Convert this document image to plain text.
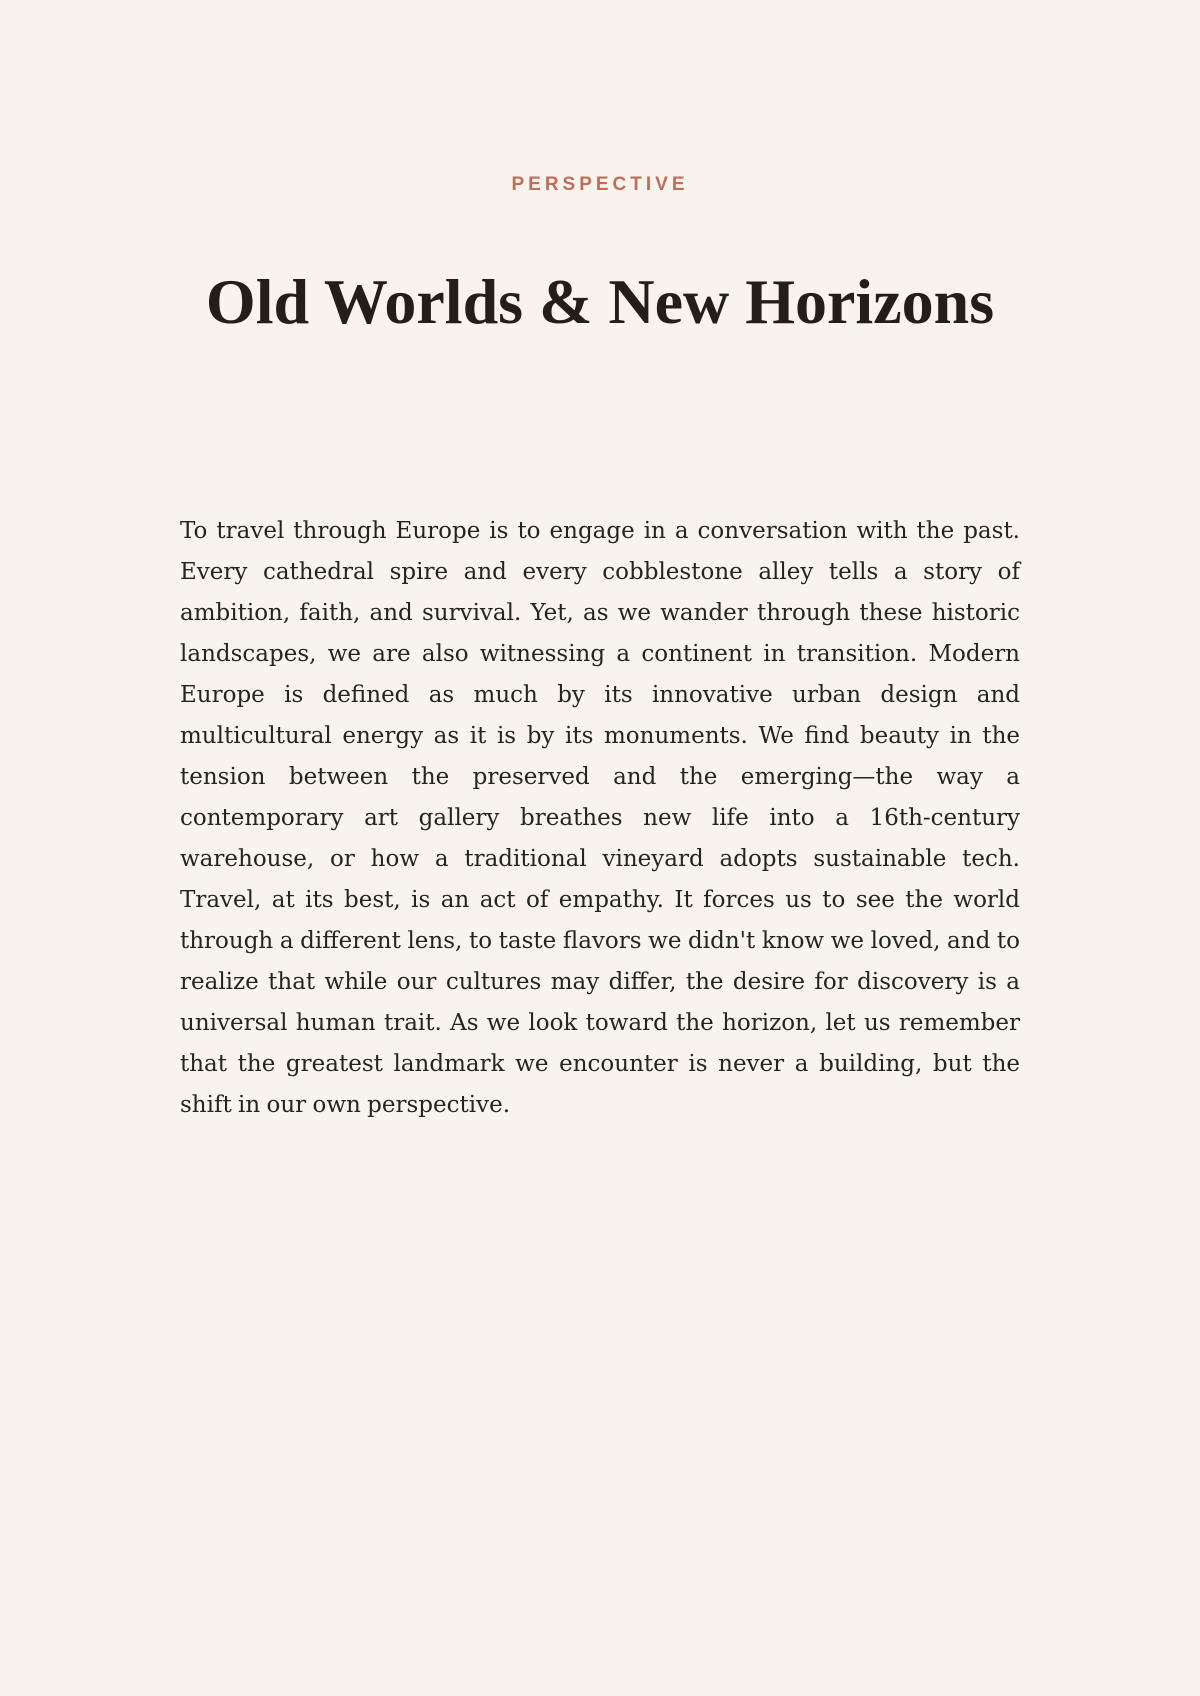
PERSPECTIVE
Old Worlds & New Horizons

To travel through Europe is to engage in a conversation with the past. Every cathedral spire and every cobblestone alley tells a story of ambition, faith, and survival. Yet, as we wander through these historic landscapes, we are also witnessing a continent in transition. Modern Europe is defined as much by its innovative urban design and multicultural energy as it is by its monuments. We find beauty in the tension between the preserved and the emerging—the way a contemporary art gallery breathes new life into a 16th-century warehouse, or how a traditional vineyard adopts sustainable tech. Travel, at its best, is an act of empathy. It forces us to see the world through a different lens, to taste flavors we didn't know we loved, and to realize that while our cultures may differ, the desire for discovery is a universal human trait. As we look toward the horizon, let us remember that the greatest landmark we encounter is never a building, but the shift in our own perspective.
